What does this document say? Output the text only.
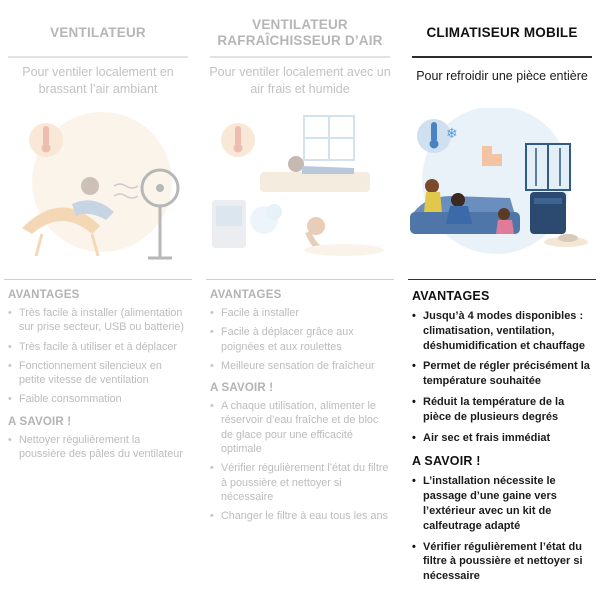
VENTILATEUR
Pour ventiler localement en brassant l’air ambiant
AVANTAGES
• Très facile à installer (alimentation sur prise secteur, USB ou batterie)
• Très facile à utiliser et à déplacer
• Fonctionnement silencieux en petite vitesse de ventilation
• Faible consommation
A SAVOIR !
• Nettoyer régulièrement la poussière des pâles du ventilateur
VENTILATEUR
RAFRAÎCHISSEUR D’AIR
Pour ventiler localement avec un air frais et humide
AVANTAGES
• Facile à installer
• Facile à déplacer grâce aux poignées et aux roulettes
• Meilleure sensation de fraîcheur
A SAVOIR !
• A chaque utilisation, alimenter le réservoir d’eau fraîche et de bloc de glace pour une efficacité optimale
• Vérifier régulièrement l’état du filtre à poussière et nettoyer si nécessaire
• Changer le filtre à eau tous les ans
CLIMATISEUR MOBILE
Pour refroidir une pièce entière
❄
AVANTAGES
• Jusqu’à 4 modes disponibles : climatisation, ventilation, déshumidification et chauffage
• Permet de régler précisément la température souhaitée
• Réduit la température de la pièce de plusieurs degrés
• Air sec et frais immédiat
A SAVOIR !
• L’installation nécessite le passage d’une gaine vers l’extérieur avec un kit de calfeutrage adapté
• Vérifier régulièrement l’état du filtre à poussière et nettoyer si nécessaire
